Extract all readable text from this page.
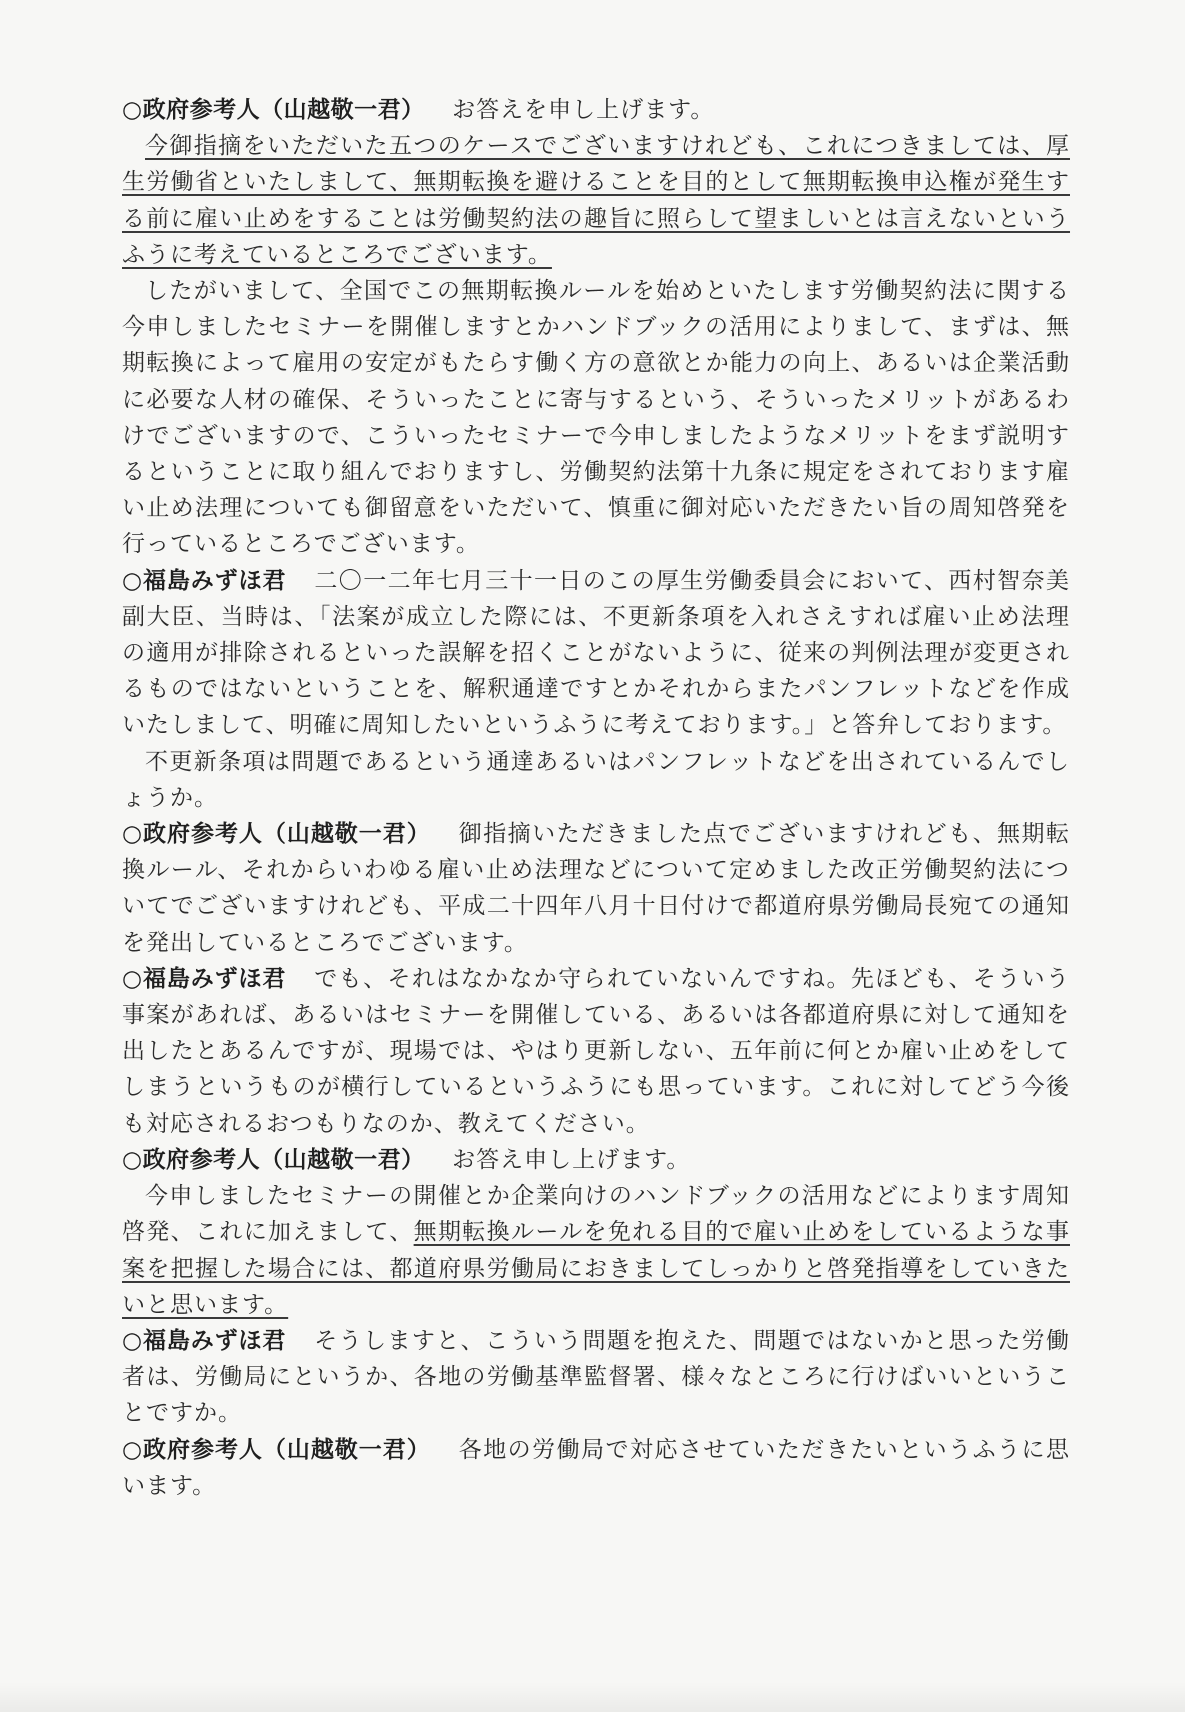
○政府参考人（山越敬一君） お答えを申し上げます。

今御指摘をいただいた五つのケースでございますけれども、これにつきましては、厚生労働省といたしまして、無期転換を避けることを目的として無期転換申込権が発生する前に雇い止めをすることは労働契約法の趣旨に照らして望ましいとは言えないというふうに考えているところでございます。

したがいまして、全国でこの無期転換ルールを始めといたします労働契約法に関する今申しましたセミナーを開催しますとかハンドブックの活用によりまして、まずは、無期転換によって雇用の安定がもたらす働く方の意欲とか能力の向上、あるいは企業活動に必要な人材の確保、そういったことに寄与するという、そういったメリットがあるわけでございますので、こういったセミナーで今申しましたようなメリットをまず説明するということに取り組んでおりますし、労働契約法第十九条に規定をされております雇い止め法理についても御留意をいただいて、慎重に御対応いただきたい旨の周知啓発を行っているところでございます。

○福島みずほ君 二〇一二年七月三十一日のこの厚生労働委員会において、西村智奈美副大臣、当時は、「法案が成立した際には、不更新条項を入れさえすれば雇い止め法理の適用が排除されるといった誤解を招くことがないように、従来の判例法理が変更されるものではないということを、解釈通達ですとかそれからまたパンフレットなどを作成いたしまして、明確に周知したいというふうに考えております。」と答弁しております。

不更新条項は問題であるという通達あるいはパンフレットなどを出されているんでしょうか。

○政府参考人（山越敬一君） 御指摘いただきました点でございますけれども、無期転換ルール、それからいわゆる雇い止め法理などについて定めました改正労働契約法についてでございますけれども、平成二十四年八月十日付けで都道府県労働局長宛ての通知を発出しているところでございます。

○福島みずほ君 でも、それはなかなか守られていないんですね。先ほども、そういう事案があれば、あるいはセミナーを開催している、あるいは各都道府県に対して通知を出したとあるんですが、現場では、やはり更新しない、五年前に何とか雇い止めをしてしまうというものが横行しているというふうにも思っています。これに対してどう今後も対応されるおつもりなのか、教えてください。

○政府参考人（山越敬一君） お答え申し上げます。

今申しましたセミナーの開催とか企業向けのハンドブックの活用などによります周知啓発、これに加えまして、無期転換ルールを免れる目的で雇い止めをしているような事案を把握した場合には、都道府県労働局におきましてしっかりと啓発指導をしていきたいと思います。

○福島みずほ君 そうしますと、こういう問題を抱えた、問題ではないかと思った労働者は、労働局にというか、各地の労働基準監督署、様々なところに行けばいいということですか。

○政府参考人（山越敬一君） 各地の労働局で対応させていただきたいというふうに思います。
